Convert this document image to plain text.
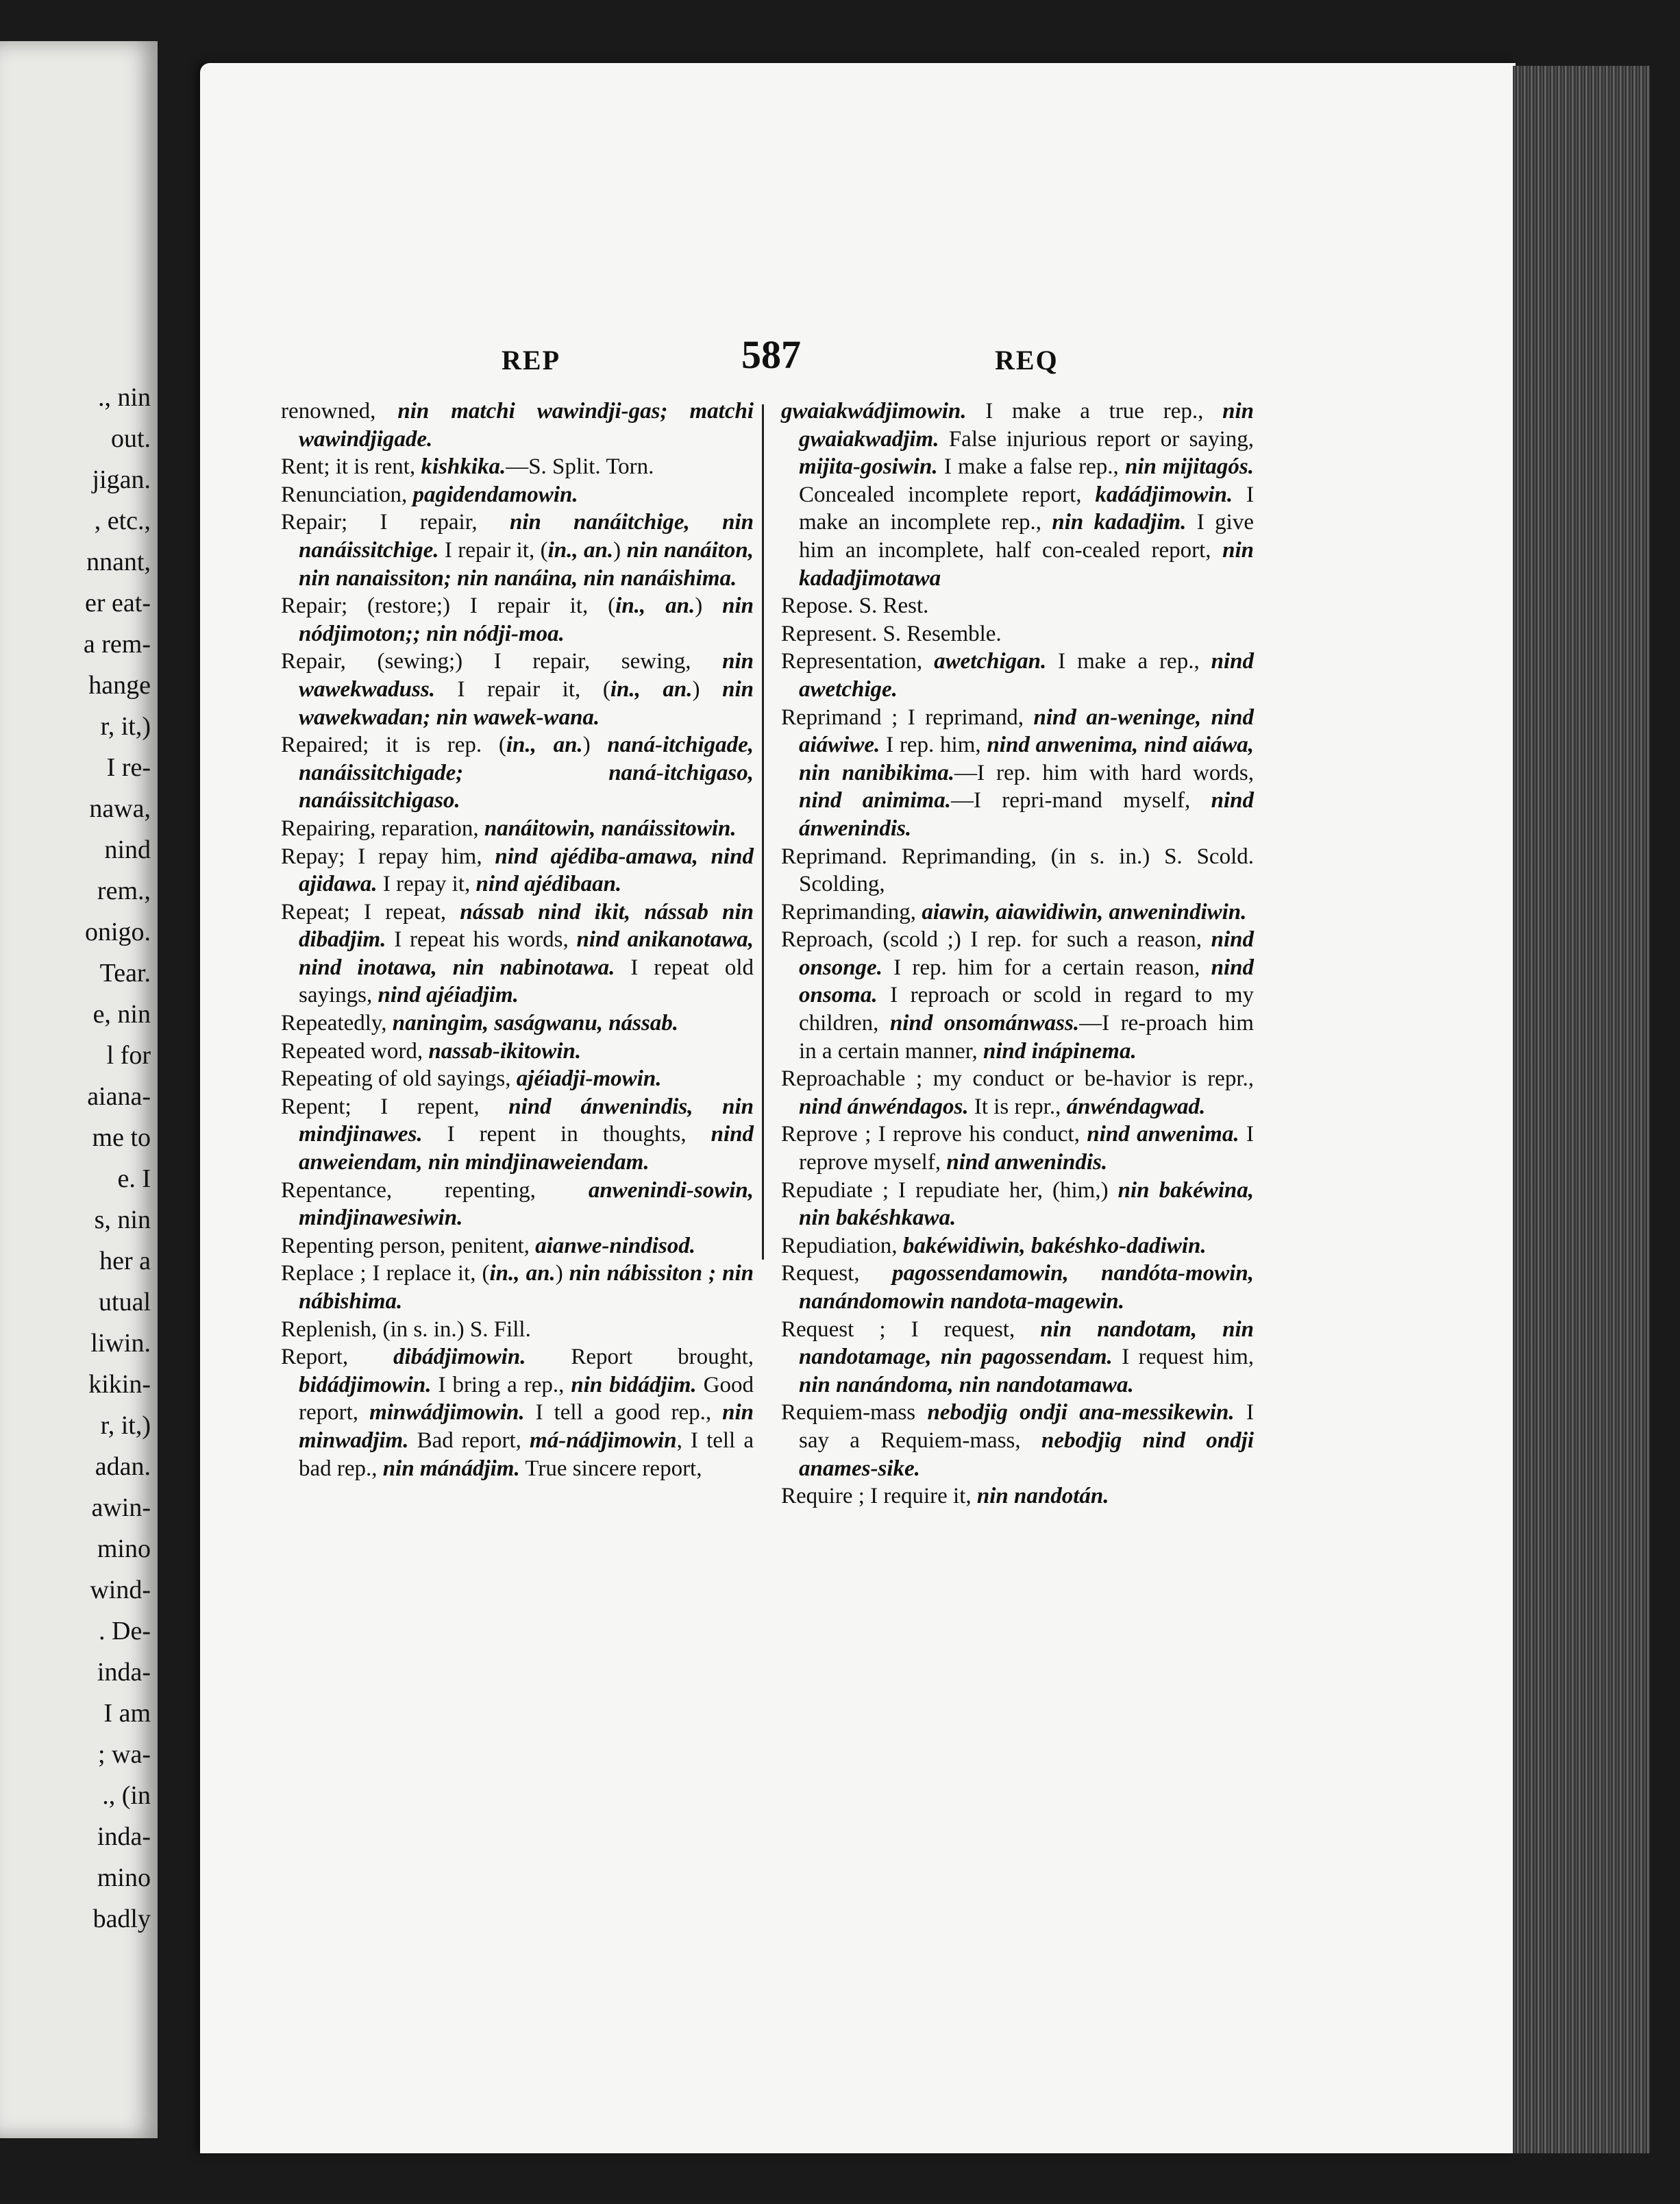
., nin
out.
jigan.
, etc.,
nnant,
er eat-
a rem-
hange
r, it,)
I re-
nawa,
nind
rem.,
onigo.
Tear.
e, nin
l for
aiana-
me to
e. I
s, nin
her a
utual
liwin.
kikin-
r, it,)
adan.
awin-
mino
wind-
. De-
inda-
I am
; wa-
., (in
inda-
mino
badly
REP	587	REQ

renowned, nin matchi wawindji-gas; matchi wawindjigade.

Rent; it is rent, kishkika.—S. Split. Torn.

Renunciation, pagidendamowin.

Repair; I repair, nin nanáitchige, nin nanáissitchige. I repair it, (in., an.) nin nanáiton, nin nanaissiton; nin nanáina, nin nanáishima.

Repair; (restore;) I repair it, (in., an.) nin nódjimoton;; nin nódji-moa.

Repair, (sewing;) I repair, sewing, nin wawekwaduss. I repair it, (in., an.) nin wawekwadan; nin wawek-wana.

Repaired; it is rep. (in., an.) naná-itchigade, nanáissitchigade; naná-itchigaso, nanáissitchigaso.

Repairing, reparation, nanáitowin, nanáissitowin.

Repay; I repay him, nind ajédiba-amawa, nind ajidawa. I repay it, nind ajédibaan.

Repeat; I repeat, nássab nind ikit, nássab nin dibadjim. I repeat his words, nind anikanotawa, nind inotawa, nin nabinotawa. I repeat old sayings, nind ajéiadjim.

Repeatedly, naningim, saságwanu, nássab.

Repeated word, nassab-ikitowin.

Repeating of old sayings, ajéiadji-mowin.

Repent; I repent, nind ánwenindis, nin mindjinawes. I repent in thoughts, nind anweiendam, nin mindjinaweiendam.

Repentance, repenting, anwenindi-sowin, mindjinawesiwin.

Repenting person, penitent, aianwe-nindisod.

Replace ; I replace it, (in., an.) nin nábissiton ; nin nábishima.

Replenish, (in s. in.) S. Fill.

Report, dibádjimowin. Report brought, bidádjimowin. I bring a rep., nin bidádjim. Good report, minwádjimowin. I tell a good rep., nin minwadjim. Bad report, má-nádjimowin, I tell a bad rep., nin mánádjim. True sincere report,

gwaiakwádjimowin. I make a true rep., nin gwaiakwadjim. False injurious report or saying, mijita-gosiwin. I make a false rep., nin mijitagós. Concealed incomplete report, kadádjimowin. I make an incomplete rep., nin kadadjim. I give him an incomplete, half con-cealed report, nin kadadjimotawa

Repose. S. Rest.

Represent. S. Resemble.

Representation, awetchigan. I make a rep., nind awetchige.

Reprimand ; I reprimand, nind an-weninge, nind aiáwiwe. I rep. him, nind anwenima, nind aiáwa, nin nanibikima.—I rep. him with hard words, nind animima.—I repri-mand myself, nind ánwenindis.

Reprimand. Reprimanding, (in s. in.) S. Scold. Scolding,

Reprimanding, aiawin, aiawidiwin, anwenindiwin.

Reproach, (scold ;) I rep. for such a reason, nind onsonge. I rep. him for a certain reason, nind onsoma. I reproach or scold in regard to my children, nind onsománwass.—I re-proach him in a certain manner, nind inápinema.

Reproachable ; my conduct or be-havior is repr., nind ánwéndagos. It is repr., ánwéndagwad.

Reprove ; I reprove his conduct, nind anwenima. I reprove myself, nind anwenindis.

Repudiate ; I repudiate her, (him,) nin bakéwina, nin bakéshkawa.

Repudiation, bakéwidiwin, bakéshko-dadiwin.

Request, pagossendamowin, nandóta-mowin, nanándomowin nandota-magewin.

Request ; I request, nin nandotam, nin nandotamage, nin pagossendam. I request him, nin nanándoma, nin nandotamawa.

Requiem-mass nebodjig ondji ana-messikewin. I say a Requiem-mass, nebodjig nind ondji anames-sike.

Require ; I require it, nin nandotán.
